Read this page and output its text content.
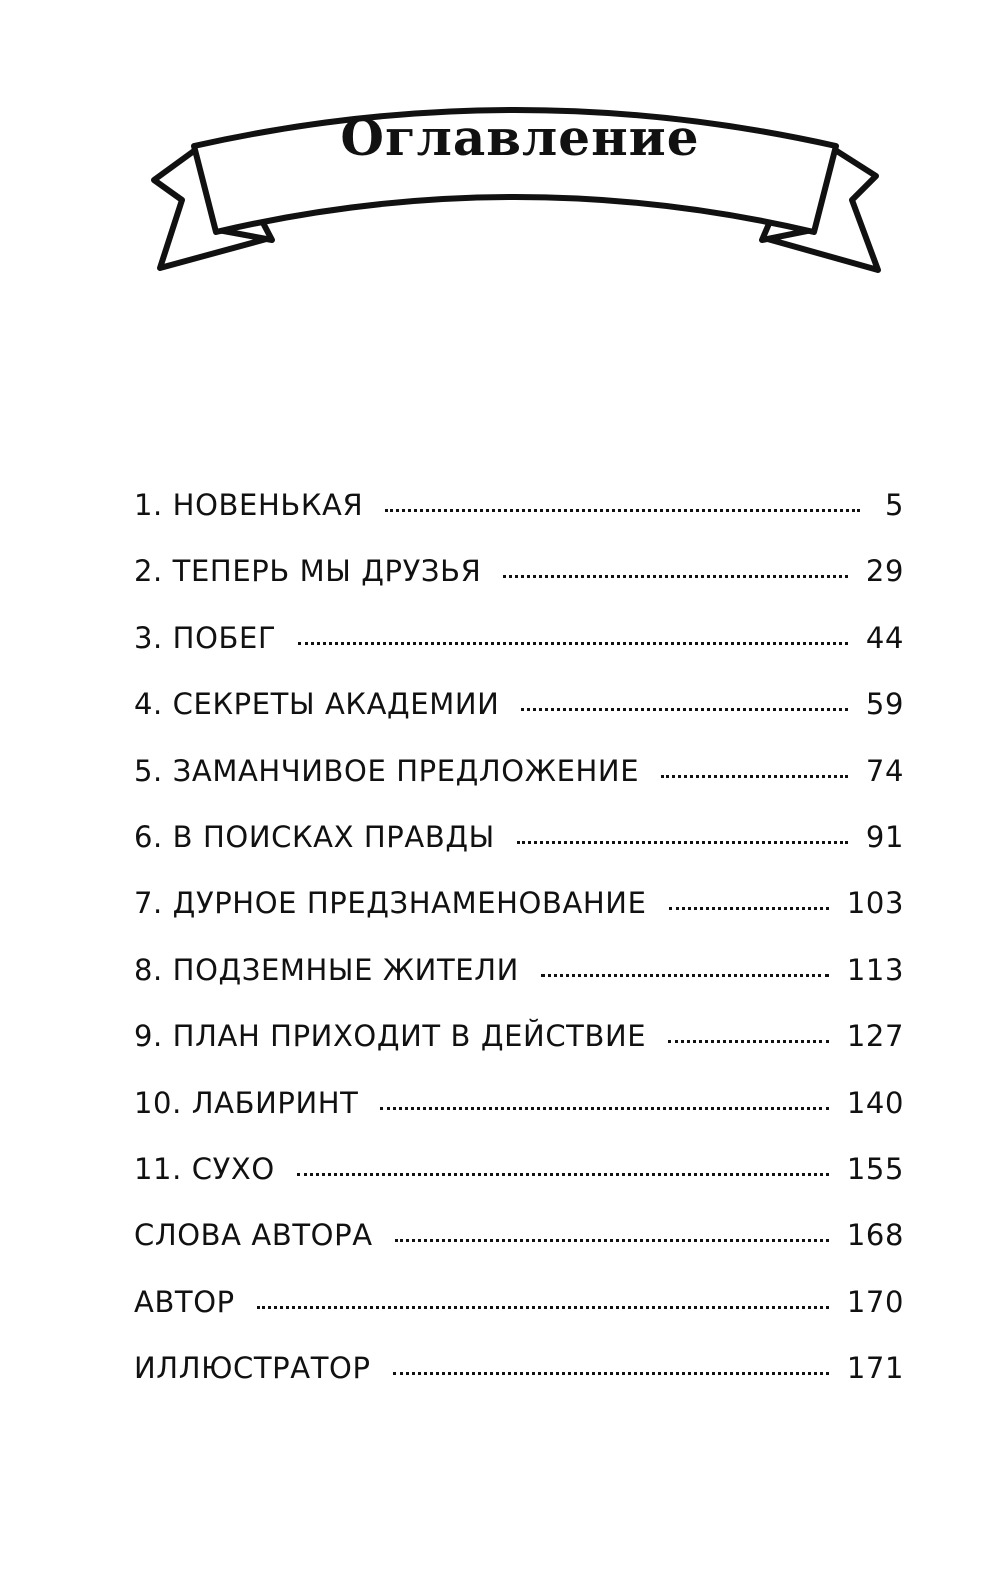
Оглавление
1. НОВЕНЬКАЯ	5
2. ТЕПЕРЬ МЫ ДРУЗЬЯ	29
3. ПОБЕГ	44
4. СЕКРЕТЫ АКАДЕМИИ	59
5. ЗАМАНЧИВОЕ ПРЕДЛОЖЕНИЕ	74
6. В ПОИСКАХ ПРАВДЫ	91
7. ДУРНОЕ ПРЕДЗНАМЕНОВАНИЕ	103
8. ПОДЗЕМНЫЕ ЖИТЕЛИ	113
9. ПЛАН ПРИХОДИТ В ДЕЙСТВИЕ	127
10. ЛАБИРИНТ	140
11. СУХО	155
СЛОВА АВТОРА	168
АВТОР	170
ИЛЛЮСТРАТОР	171
